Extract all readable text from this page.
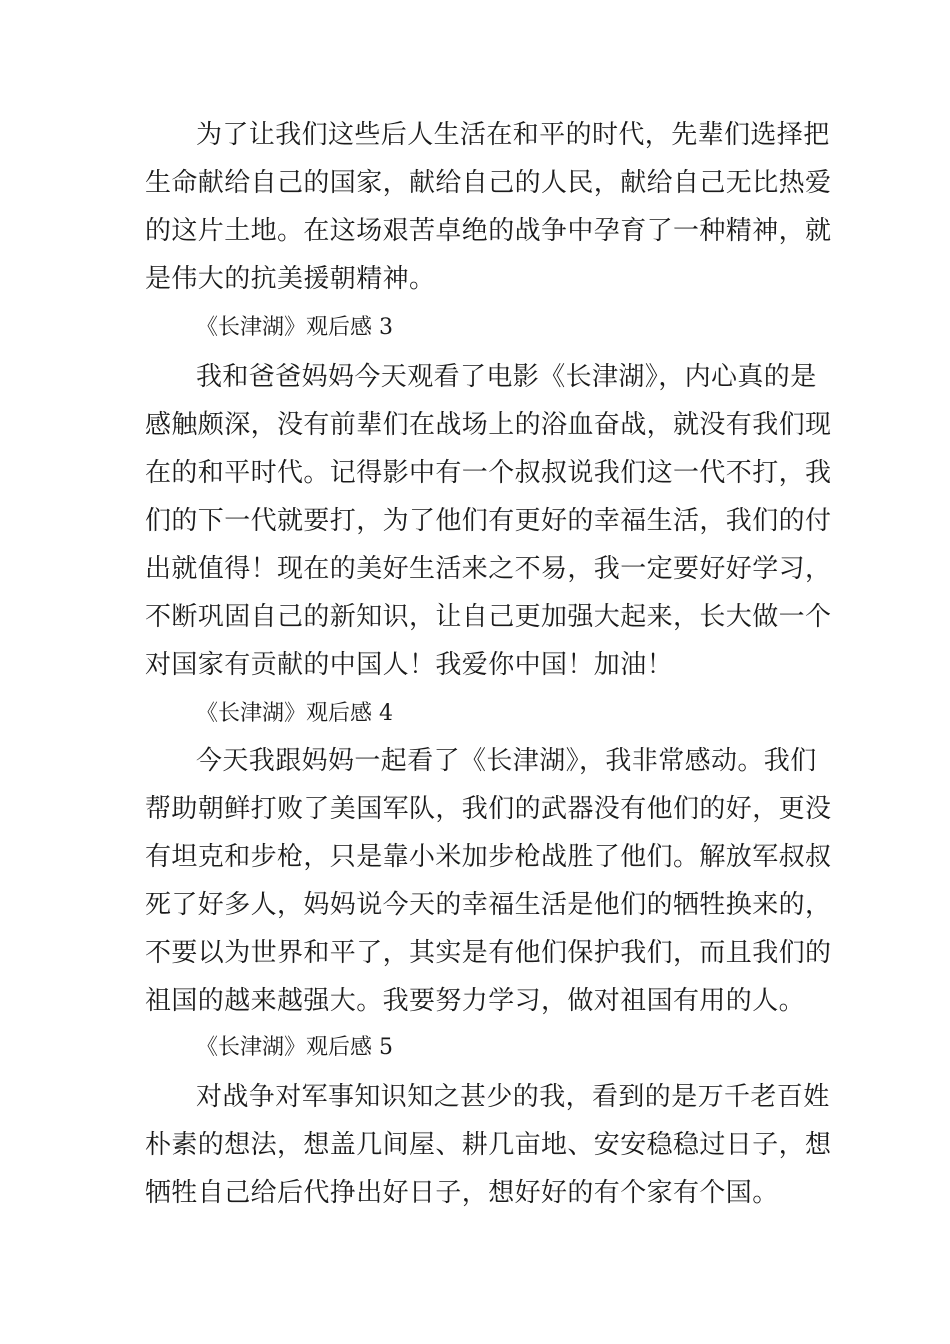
为了让我们这些后人生活在和平的时代，先辈们选择把
生命献给自己的国家，献给自己的人民，献给自己无比热爱
的这片土地。在这场艰苦卓绝的战争中孕育了一种精神，就
是伟大的抗美援朝精神。
《长津湖》观后感 3
我和爸爸妈妈今天观看了电影《长津湖》，内心真的是
感触颇深，没有前辈们在战场上的浴血奋战，就没有我们现
在的和平时代。记得影中有一个叔叔说我们这一代不打，我
们的下一代就要打，为了他们有更好的幸福生活，我们的付
出就值得！现在的美好生活来之不易，我一定要好好学习，
不断巩固自己的新知识，让自己更加强大起来，长大做一个
对国家有贡献的中国人！我爱你中国！加油！
《长津湖》观后感 4
今天我跟妈妈一起看了《长津湖》，我非常感动。我们
帮助朝鲜打败了美国军队，我们的武器没有他们的好，更没
有坦克和步枪，只是靠小米加步枪战胜了他们。解放军叔叔
死了好多人，妈妈说今天的幸福生活是他们的牺牲换来的，
不要以为世界和平了，其实是有他们保护我们，而且我们的
祖国的越来越强大。我要努力学习，做对祖国有用的人。
《长津湖》观后感 5
对战争对军事知识知之甚少的我，看到的是万千老百姓
朴素的想法，想盖几间屋、耕几亩地、安安稳稳过日子，想
牺牲自己给后代挣出好日子，想好好的有个家有个国。
